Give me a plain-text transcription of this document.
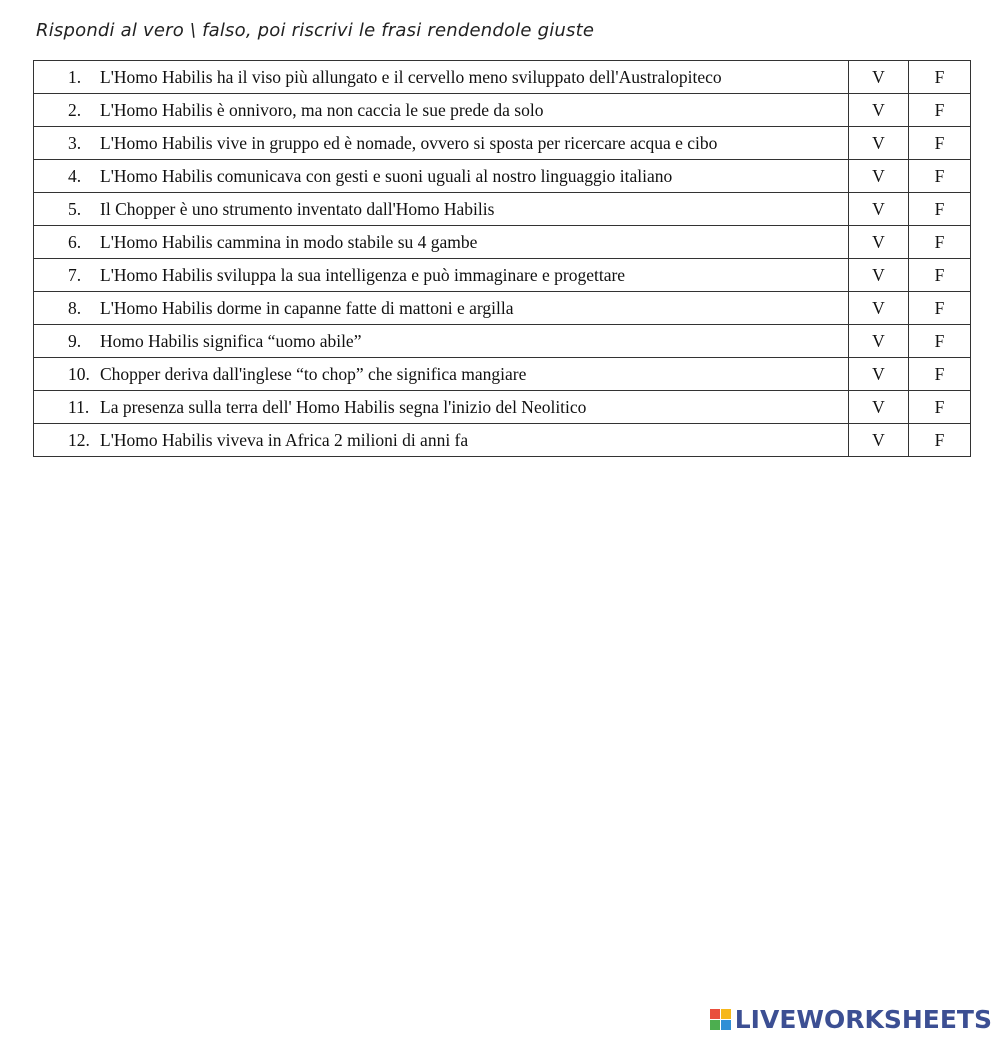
Rispondi al vero \ falso, poi riscrivi le frasi rendendole giuste
1. L'Homo Habilis ha il viso più allungato e il cervello meno sviluppato dell'Australopiteco	V	F
2. L'Homo Habilis è onnivoro, ma non caccia le sue prede da solo	V	F
3. L'Homo Habilis vive in gruppo ed è nomade, ovvero si sposta per ricercare acqua e cibo	V	F
4. L'Homo Habilis comunicava con gesti e suoni uguali al nostro linguaggio italiano	V	F
5. Il Chopper è uno strumento inventato dall'Homo Habilis	V	F
6. L'Homo Habilis cammina in modo stabile su 4 gambe	V	F
7. L'Homo Habilis sviluppa la sua intelligenza e può immaginare e progettare	V	F
8. L'Homo Habilis dorme in capanne fatte di mattoni e argilla	V	F
9. Homo Habilis significa “uomo abile”	V	F
10. Chopper deriva dall'inglese “to chop” che significa mangiare	V	F
11. La presenza sulla terra dell' Homo Habilis segna l'inizio del Neolitico	V	F
12. L'Homo Habilis viveva in Africa 2 milioni di anni fa	V	F
LIVEWORKSHEETS
